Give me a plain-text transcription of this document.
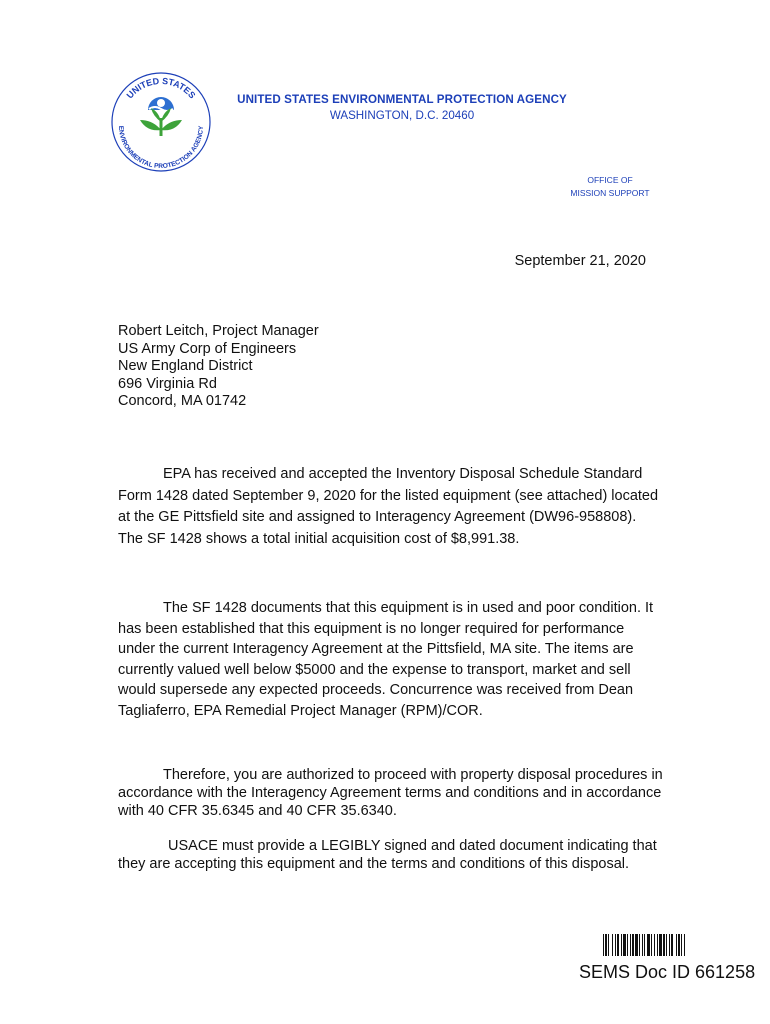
UNITED STATES
ENVIRONMENTAL PROTECTION AGENCY
UNITED STATES ENVIRONMENTAL PROTECTION AGENCY
WASHINGTON, D.C. 20460
OFFICE OF
MISSION SUPPORT
September 21, 2020
Robert Leitch, Project Manager
US Army Corp of Engineers
New England District
696 Virginia Rd
Concord, MA 01742

EPA has received and accepted the Inventory Disposal Schedule Standard Form 1428 dated September 9, 2020 for the listed equipment (see attached) located at the GE Pittsfield site and assigned to Interagency Agreement (DW96-958808). The SF 1428 shows a total initial acquisition cost of $8,991.38.

The SF 1428 documents that this equipment is in used and poor condition. It has been established that this equipment is no longer required for performance under the current Interagency Agreement at the Pittsfield, MA site. The items are currently valued well below $5000 and the expense to transport, market and sell would supersede any expected proceeds. Concurrence was received from Dean Tagliaferro, EPA Remedial Project Manager (RPM)/COR.

Therefore, you are authorized to proceed with property disposal procedures in accordance with the Interagency Agreement terms and conditions and in accordance with 40 CFR 35.6345 and 40 CFR 35.6340.

USACE must provide a LEGIBLY signed and dated document indicating that they are accepting this equipment and the terms and conditions of this disposal.

SEMS Doc ID 661258
